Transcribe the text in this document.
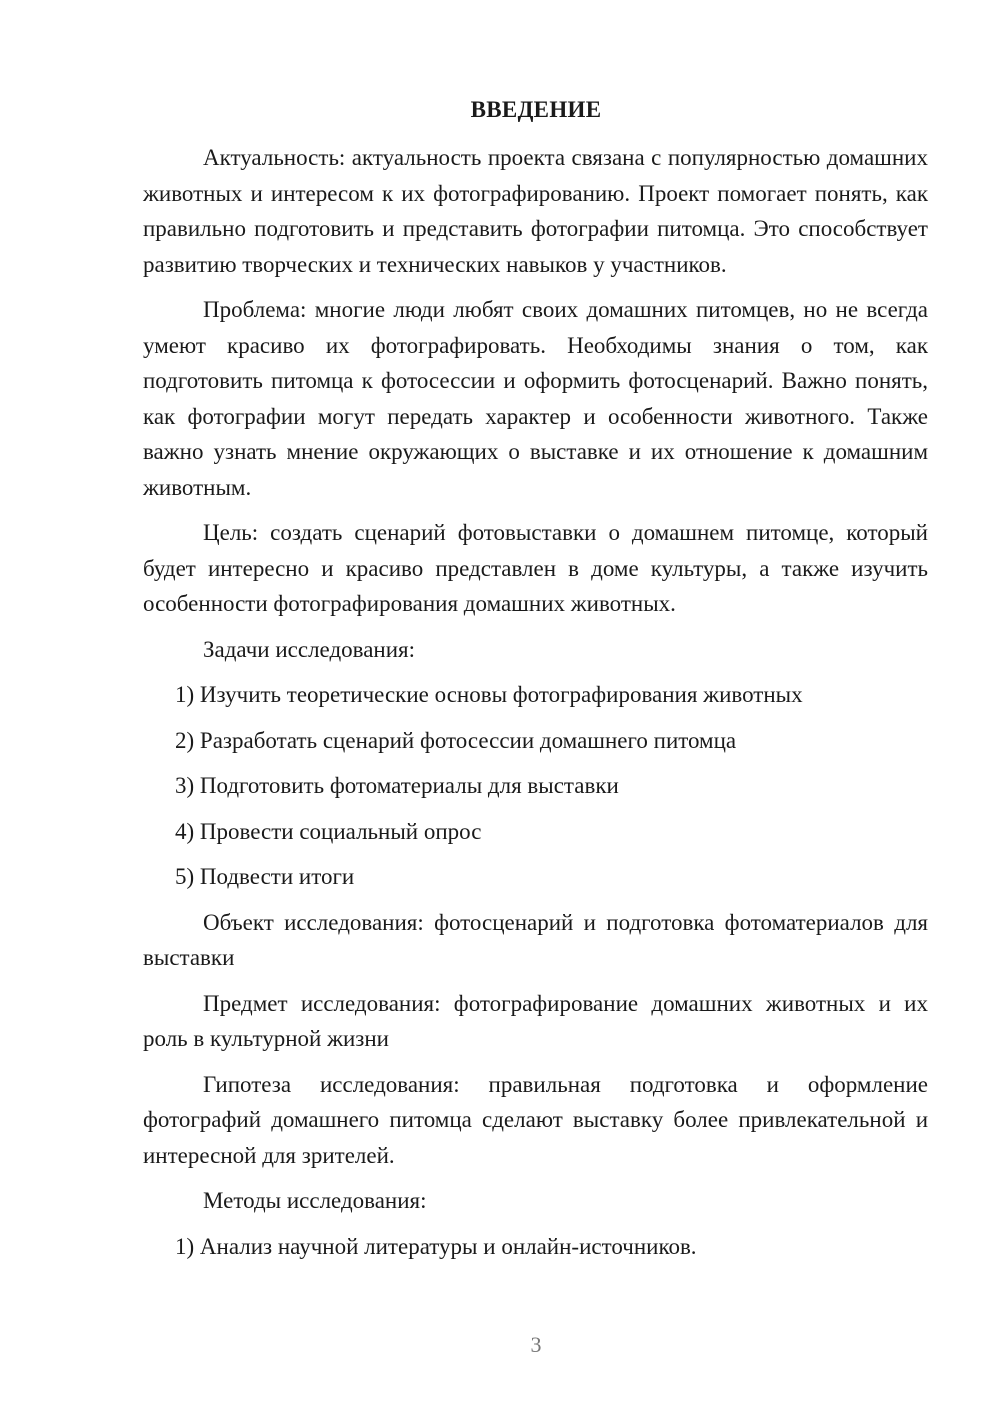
ВВЕДЕНИЕ

Актуальность: актуальность проекта связана с популярностью домашних животных и интересом к их фотографированию. Проект помогает понять, как правильно подготовить и представить фотографии питомца. Это способствует развитию творческих и технических навыков у участников.

Проблема: многие люди любят своих домашних питомцев, но не всегда умеют красиво их фотографировать. Необходимы знания о том, как подготовить питомца к фотосессии и оформить фотосценарий. Важно понять, как фотографии могут передать характер и особенности животного. Также важно узнать мнение окружающих о выставке и их отношение к домашним животным.

Цель: создать сценарий фотовыставки о домашнем питомце, который будет интересно и красиво представлен в доме культуры, а также изучить особенности фотографирования домашних животных.

Задачи исследования:

1) Изучить теоретические основы фотографирования животных
2) Разработать сценарий фотосессии домашнего питомца
3) Подготовить фотоматериалы для выставки
4) Провести социальный опрос
5) Подвести итоги

Объект исследования: фотосценарий и подготовка фотоматериалов для выставки

Предмет исследования: фотографирование домашних животных и их роль в культурной жизни

Гипотеза исследования: правильная подготовка и оформление фотографий домашнего питомца сделают выставку более привлекательной и интересной для зрителей.

Методы исследования:

1) Анализ научной литературы и онлайн-источников.
3
